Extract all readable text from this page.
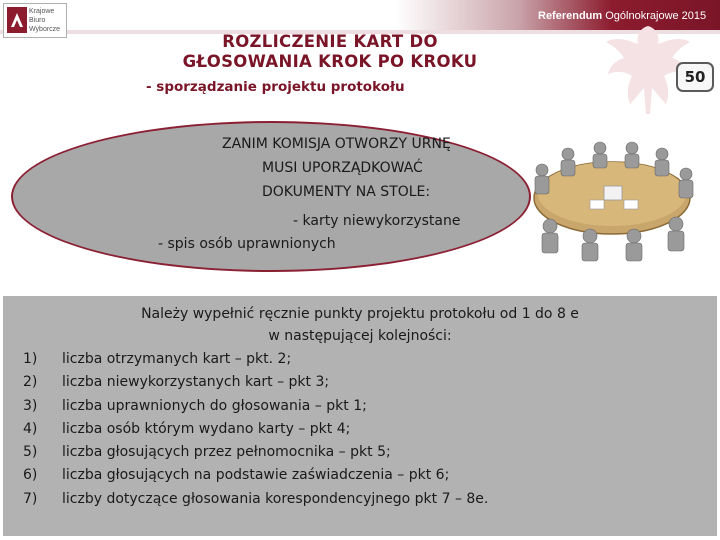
Krajowe
Biuro
Wyborcze
Referendum Ogólnokrajowe 2015
ROZLICZENIE KART DO
GŁOSOWANIA KROK PO KROKU
- sporządzanie projektu protokołu
50
ZANIM KOMISJA OTWORZY URNĘ
MUSI UPORZĄDKOWAĆ
DOKUMENTY NA STOLE:
- karty niewykorzystane
- spis osób uprawnionych
Należy wypełnić ręcznie punkty projektu protokołu od 1 do 8 e
w następującej kolejności:
1) liczba otrzymanych kart – pkt. 2;
2) liczba niewykorzystanych kart – pkt 3;
3) liczba uprawnionych do głosowania – pkt 1;
4) liczba osób którym wydano karty – pkt 4;
5) liczba głosujących przez pełnomocnika – pkt 5;
6) liczba głosujących na podstawie zaświadczenia – pkt 6;
7) liczby dotyczące głosowania korespondencyjnego pkt 7 – 8e.
